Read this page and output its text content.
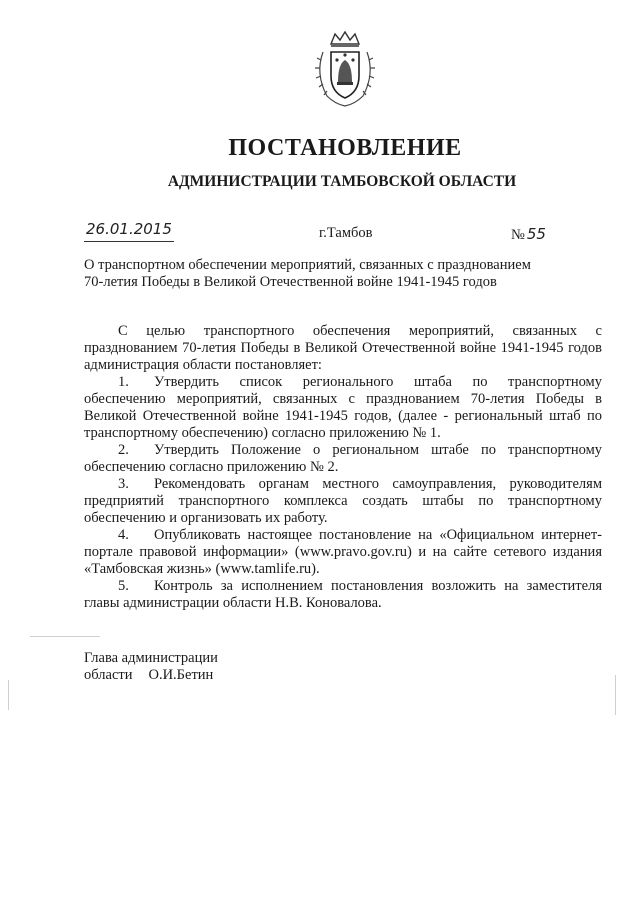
ПОСТАНОВЛЕНИЕ
АДМИНИСТРАЦИИ ТАМБОВСКОЙ ОБЛАСТИ
26.01.2015	г.Тамбов	№ 55
О транспортном обеспечении мероприятий, связанных с празднованием
70-летия Победы в Великой Отечественной войне 1941-1945 годов

С целью транспортного обеспечения мероприятий, связанных с празднованием 70-летия Победы в Великой Отечественной войне 1941-1945 годов администрация области постановляет:

1. Утвердить список регионального штаба по транспортному обеспечению мероприятий, связанных с празднованием 70-летия Победы в Великой Отечественной войне 1941-1945 годов, (далее - региональный штаб по транспортному обеспечению) согласно приложению № 1.

2. Утвердить Положение о региональном штабе по транспортному обеспечению согласно приложению № 2.

3. Рекомендовать органам местного самоуправления, руководителям предприятий транспортного комплекса создать штабы по транспортному обеспечению и организовать их работу.

4. Опубликовать настоящее постановление на «Официальном интернет-портале правовой информации» (www.pravo.gov.ru) и на сайте сетевого издания «Тамбовская жизнь» (www.tamlife.ru).

5. Контроль за исполнением постановления возложить на заместителя главы администрации области Н.В. Коновалова.

Глава администрации
области О.И.Бетин
